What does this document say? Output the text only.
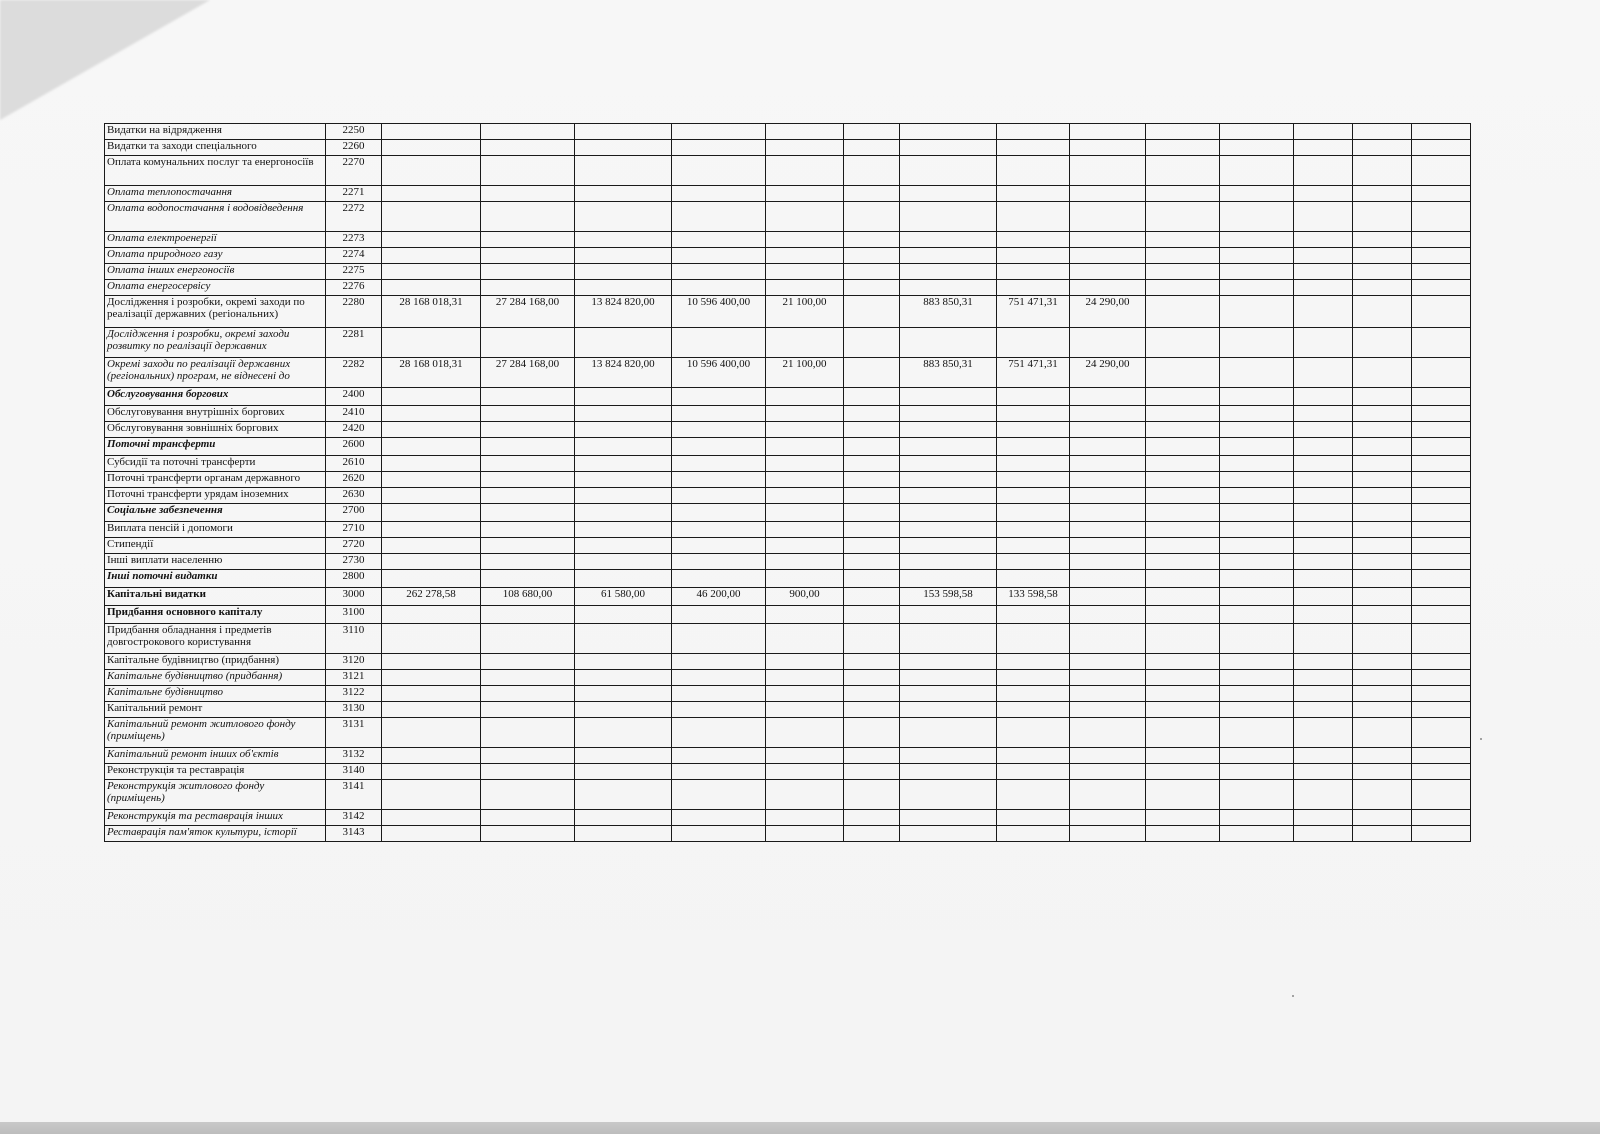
Видатки на відрядження	2250														
Видатки та заходи спеціального	2260														
Оплата комунальних послуг та енергоносіїв	2270														
Оплата теплопостачання	2271														
Оплата водопостачання і водовідведення	2272														
Оплата електроенергії	2273														
Оплата природного газу	2274														
Оплата інших енергоносіїв	2275														
Оплата енергосервісу	2276														
Дослідження і розробки, окремі заходи по реалізації державних (регіональних)	2280	28 168 018,31	27 284 168,00	13 824 820,00	10 596 400,00	21 100,00		883 850,31	751 471,31	24 290,00					
Дослідження і розробки, окремі заходи розвитку по реалізації державних	2281														
Окремі заходи по реалізації державних (регіональних) програм, не віднесені до	2282	28 168 018,31	27 284 168,00	13 824 820,00	10 596 400,00	21 100,00		883 850,31	751 471,31	24 290,00					
Обслуговування боргових	2400														
Обслуговування внутрішніх боргових	2410														
Обслуговування зовнішніх боргових	2420														
Поточні трансферти	2600														
Субсидії та поточні трансферти	2610														
Поточні трансферти органам державного	2620														
Поточні трансферти урядам іноземних	2630														
Соціальне забезпечення	2700														
Виплата пенсій і допомоги	2710														
Стипендії	2720														
Інші виплати населенню	2730														
Інші поточні видатки	2800														
Капітальні видатки	3000	262 278,58	108 680,00	61 580,00	46 200,00	900,00		153 598,58	133 598,58						
Придбання основного капіталу	3100														
Придбання обладнання і предметів довгострокового користування	3110														
Капітальне будівництво (придбання)	3120														
Капітальне будівництво (придбання)	3121														
Капітальне будівництво	3122														
Капітальний ремонт	3130														
Капітальний ремонт житлового фонду (приміщень)	3131														
Капітальний ремонт інших об'єктів	3132														
Реконструкція та реставрація	3140														
Реконструкція житлового фонду (приміщень)	3141														
Реконструкція та реставрація інших	3142														
Реставрація пам'яток культури, історії	3143														
